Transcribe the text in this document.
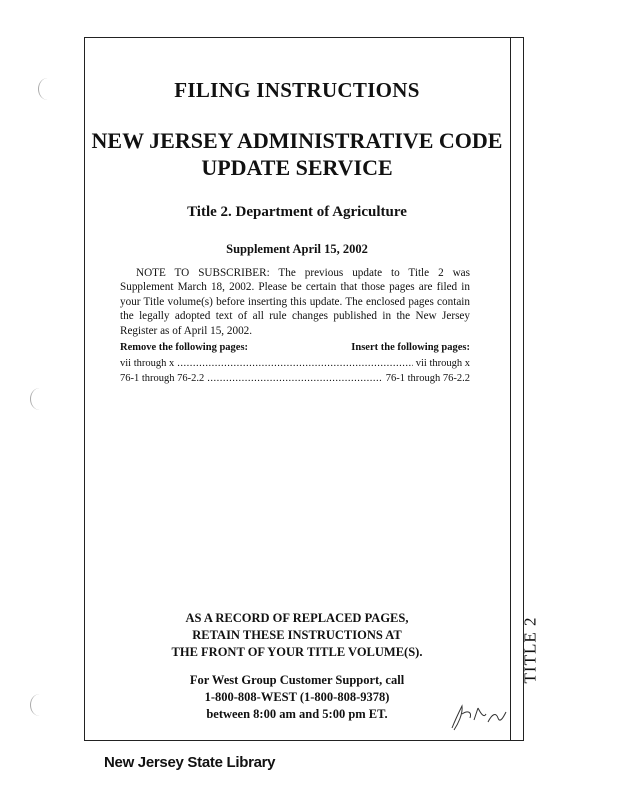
TITLE 2
FILING INSTRUCTIONS
NEW JERSEY ADMINISTRATIVE CODE
UPDATE SERVICE
Title 2. Department of Agriculture
Supplement April 15, 2002
NOTE TO SUBSCRIBER: The previous update to Title 2 was Supplement March 18, 2002. Please be certain that those pages are filed in your Title volume(s) before inserting this update. The enclosed pages contain the legally adopted text of all rule changes published in the New Jersey Register as of April 15, 2002.
Remove the following pages:	Insert the following pages:
vii through x .....	vii through x
76-1 through 76-2.2 .....	76-1 through 76-2.2
AS A RECORD OF REPLACED PAGES,
RETAIN THESE INSTRUCTIONS AT
THE FRONT OF YOUR TITLE VOLUME(S).
For West Group Customer Support, call
1-800-808-WEST (1-800-808-9378)
between 8:00 am and 5:00 pm ET.
New Jersey State Library
